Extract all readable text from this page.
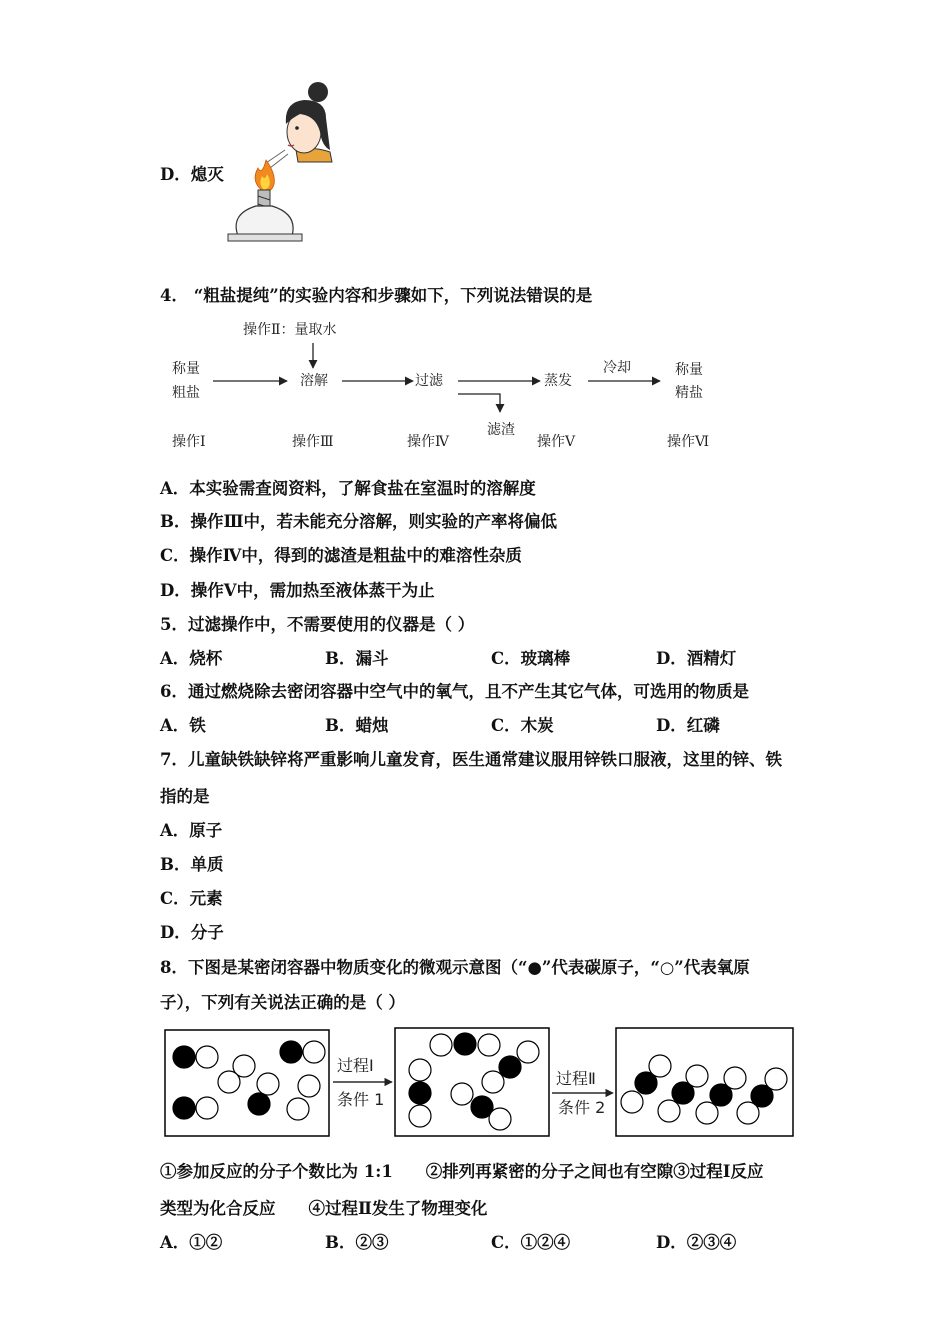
D．熄灭
4． “粗盐提纯”的实验内容和步骤如下，下列说法错误的是
操作Ⅱ：量取水
称量
粗盐
溶解	过滤
滤渣
蒸发
冷却	称量
精盐
操作Ⅰ	操作Ⅲ	操作Ⅳ	操作Ⅴ	操作Ⅵ
A．本实验需查阅资料，了解食盐在室温时的溶解度
B．操作Ⅲ中，若未能充分溶解，则实验的产率将偏低
C．操作Ⅳ中，得到的滤渣是粗盐中的难溶性杂质
D．操作Ⅴ中，需加热至液体蒸干为止
5．过滤操作中，不需要使用的仪器是（ ）
A．烧杯	B．漏斗	C．玻璃棒	D．酒精灯
6．通过燃烧除去密闭容器中空气中的氧气，且不产生其它气体，可选用的物质是
A．铁	B．蜡烛	C．木炭	D．红磷
7．儿童缺铁缺锌将严重影响儿童发育，医生通常建议服用锌铁口服液，这里的锌、铁
指的是
A．原子
B．单质
C．元素
D．分子
8．下图是某密闭容器中物质变化的微观示意图（“●”代表碳原子，“○”代表氧原
子），下列有关说法正确的是（ ）
过程Ⅰ
条件 1
过程Ⅱ
条件 2
①参加反应的分子个数比为 1:1　　②排列再紧密的分子之间也有空隙③过程Ⅰ反应
类型为化合反应　　④过程Ⅱ发生了物理变化
A．①②	B．②③	C．①②④	D．②③④
